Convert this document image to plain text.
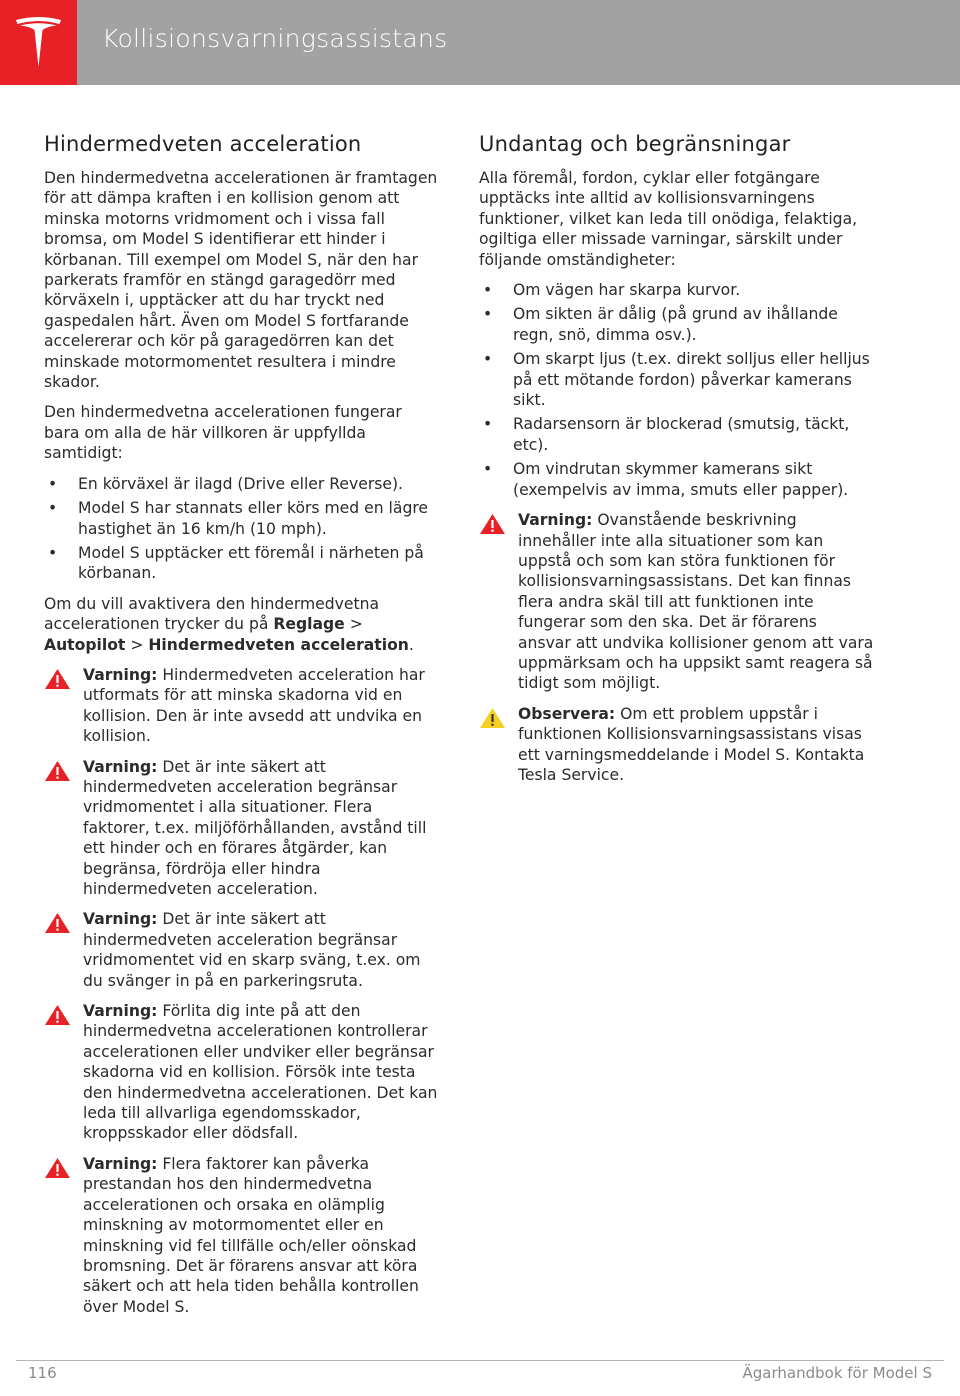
Kollisionsvarningsassistans
Hindermedveten acceleration

Den hindermedvetna accelerationen är framtagen för att dämpa kraften i en kollision genom att minska motorns vridmoment och i vissa fall bromsa, om Model S identifierar ett hinder i körbanan. Till exempel om Model S, när den har parkerats framför en stängd garagedörr med körväxeln i, upptäcker att du har tryckt ned gaspedalen hårt. Även om Model S fortfarande accelererar och kör på garagedörren kan det minskade motormomentet resultera i mindre skador.

Den hindermedvetna accelerationen fungerar bara om alla de här villkoren är uppfyllda samtidigt:

• En körväxel är ilagd (Drive eller Reverse).
• Model S har stannats eller körs med en lägre hastighet än 16 km/h (10 mph).
• Model S upptäcker ett föremål i närheten på körbanan.

Om du vill avaktivera den hindermedvetna accelerationen trycker du på Reglage > Autopilot > Hindermedveten acceleration.

Varning: Hindermedveten acceleration har utformats för att minska skadorna vid en kollision. Den är inte avsedd att undvika en kollision.
Varning: Det är inte säkert att hindermedveten acceleration begränsar vridmomentet i alla situationer. Flera faktorer, t.ex. miljöförhållanden, avstånd till ett hinder och en förares åtgärder, kan begränsa, fördröja eller hindra hindermedveten acceleration.
Varning: Det är inte säkert att hindermedveten acceleration begränsar vridmomentet vid en skarp sväng, t.ex. om du svänger in på en parkeringsruta.
Varning: Förlita dig inte på att den hindermedvetna accelerationen kontrollerar accelerationen eller undviker eller begränsar skadorna vid en kollision. Försök inte testa den hindermedvetna accelerationen. Det kan leda till allvarliga egendomsskador, kroppsskador eller dödsfall.
Varning: Flera faktorer kan påverka prestandan hos den hindermedvetna accelerationen och orsaka en olämplig minskning av motormomentet eller en minskning vid fel tillfälle och/eller oönskad bromsning. Det är förarens ansvar att köra säkert och att hela tiden behålla kontrollen över Model S.
Undantag och begränsningar

Alla föremål, fordon, cyklar eller fotgängare upptäcks inte alltid av kollisionsvarningens funktioner, vilket kan leda till onödiga, felaktiga, ogiltiga eller missade varningar, särskilt under följande omständigheter:

• Om vägen har skarpa kurvor.
• Om sikten är dålig (på grund av ihållande regn, snö, dimma osv.).
• Om skarpt ljus (t.ex. direkt solljus eller helljus på ett mötande fordon) påverkar kamerans sikt.
• Radarsensorn är blockerad (smutsig, täckt, etc).
• Om vindrutan skymmer kamerans sikt (exempelvis av imma, smuts eller papper).
Varning: Ovanstående beskrivning innehåller inte alla situationer som kan uppstå och som kan störa funktionen för kollisionsvarningsassistans. Det kan finnas flera andra skäl till att funktionen inte fungerar som den ska. Det är förarens ansvar att undvika kollisioner genom att vara uppmärksam och ha uppsikt samt reagera så tidigt som möjligt.
Observera: Om ett problem uppstår i funktionen Kollisionsvarningsassistans visas ett varningsmeddelande i Model S. Kontakta Tesla Service.
116	Ägarhandbok för Model S
